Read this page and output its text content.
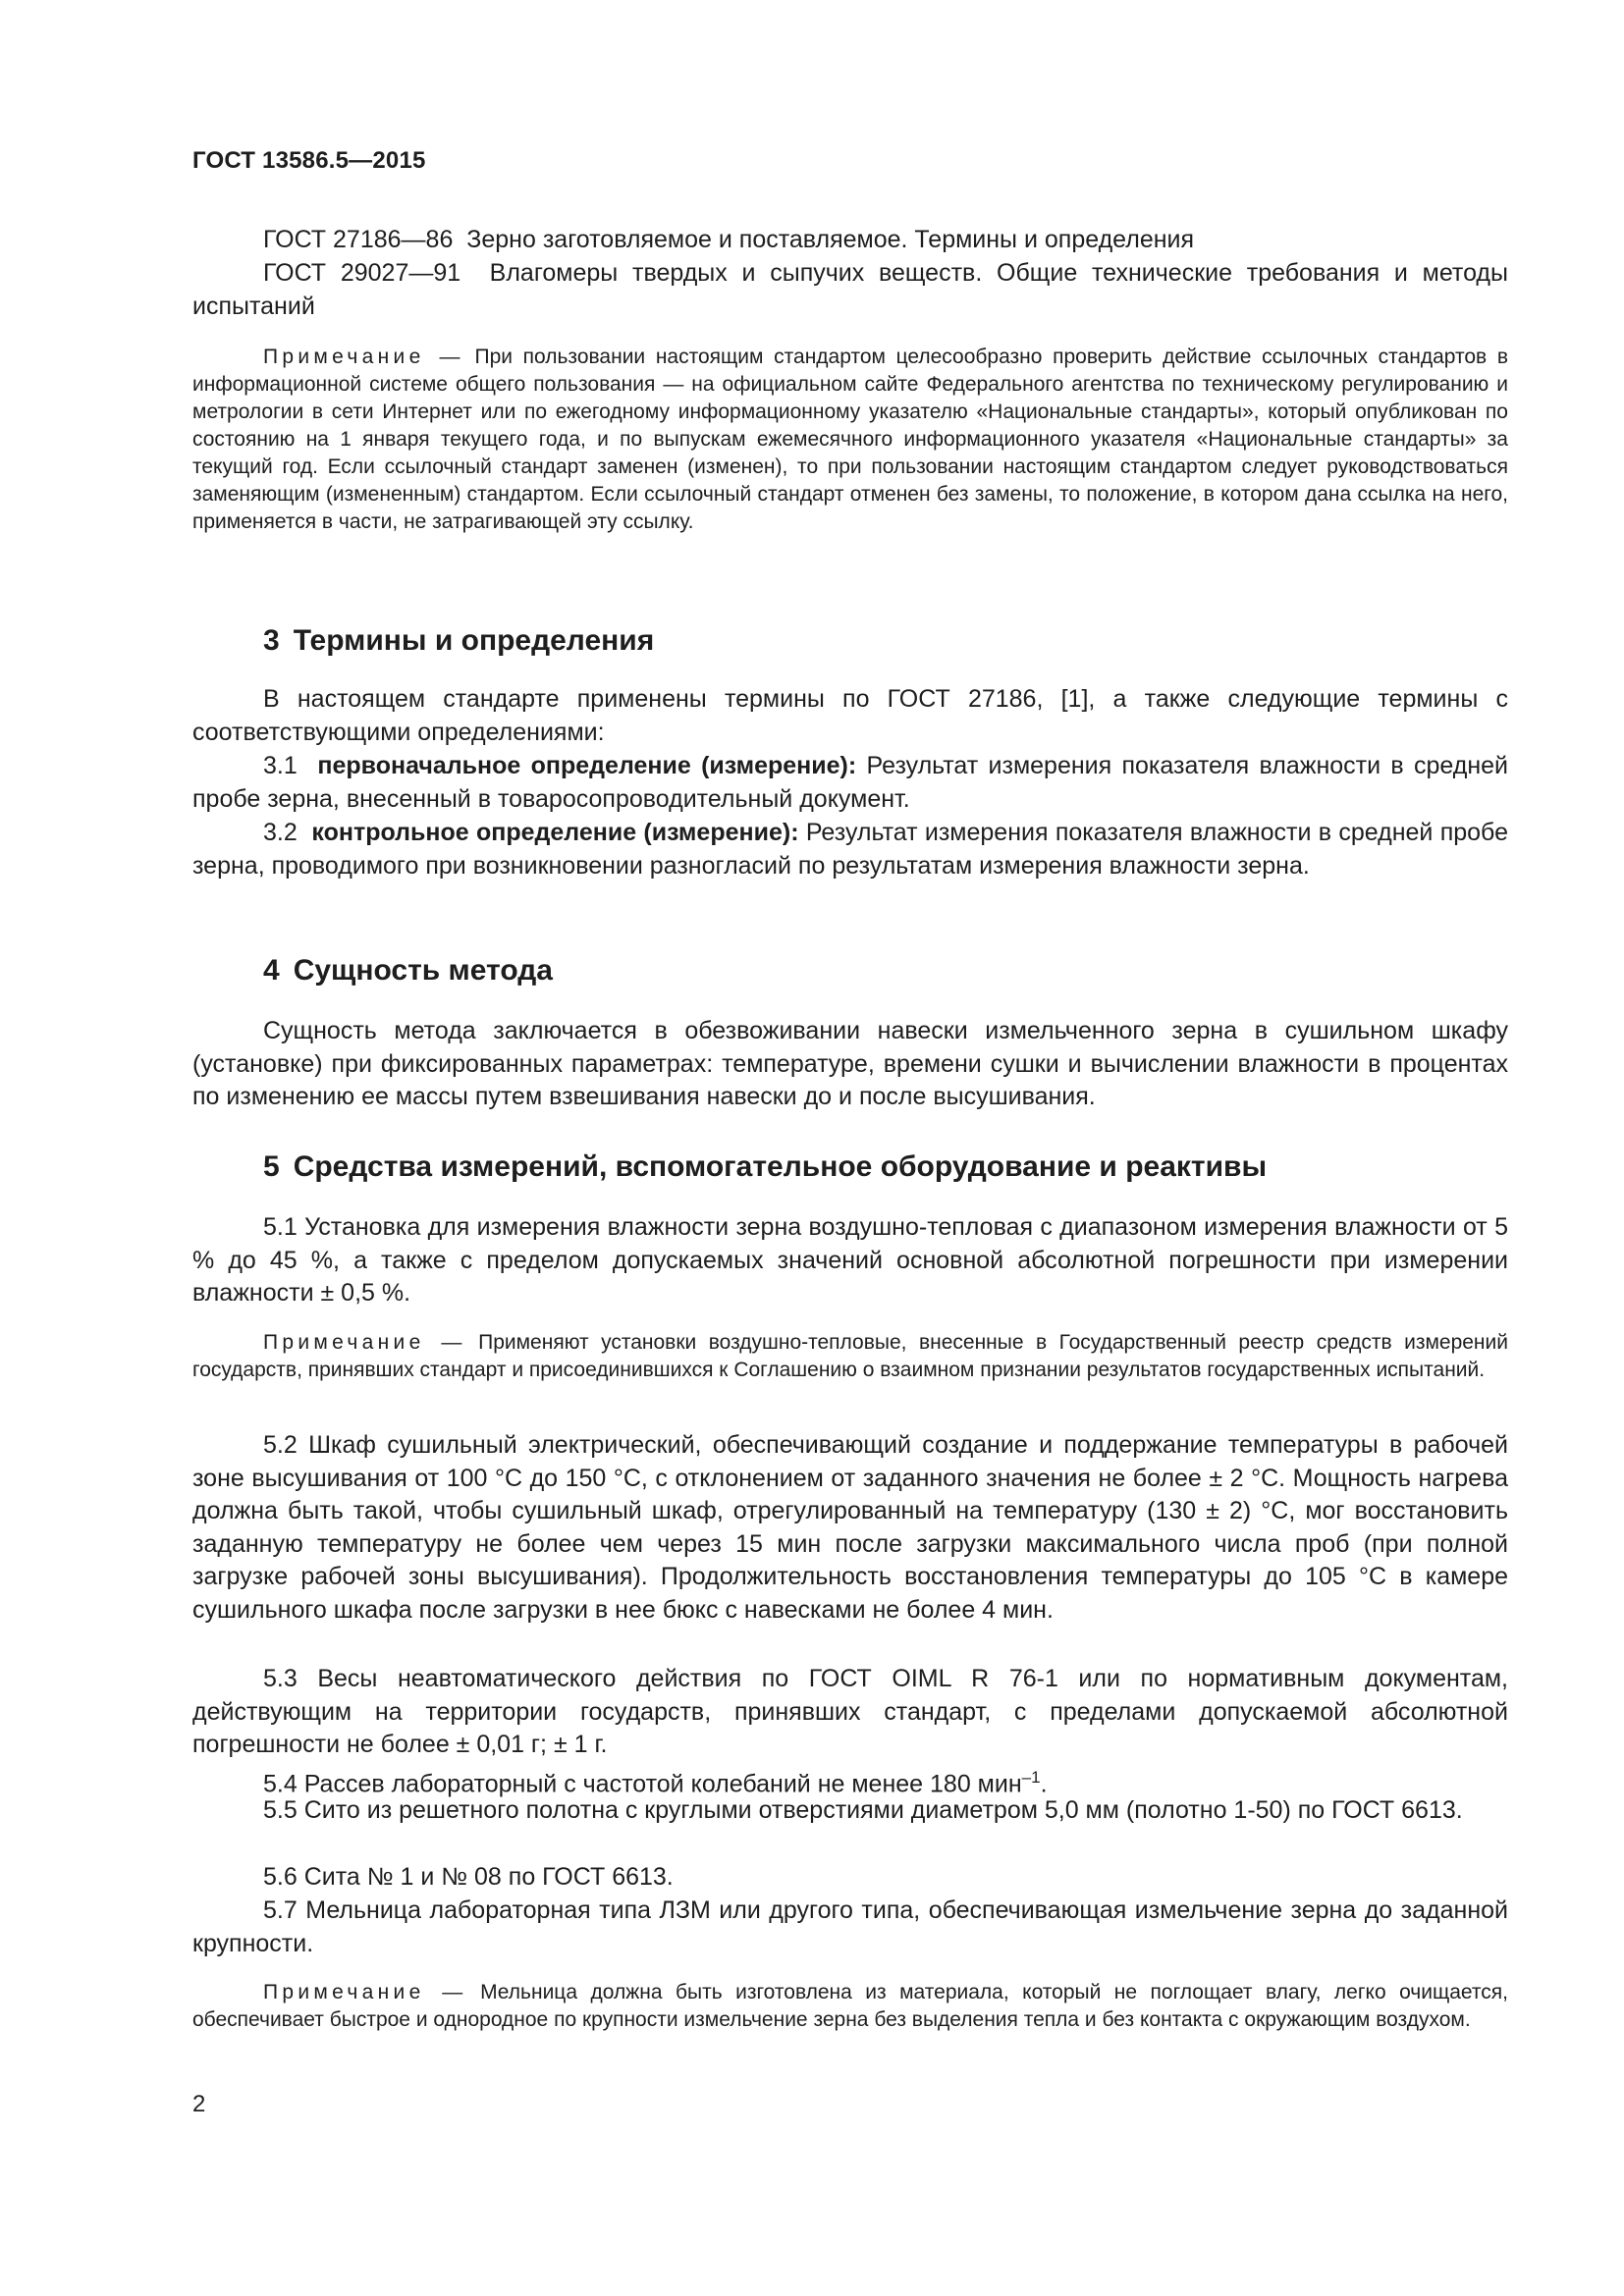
ГОСТ 13586.5—2015
ГОСТ 27186—86 Зерно заготовляемое и поставляемое. Термины и определения
ГОСТ 29027—91 Влагомеры твердых и сыпучих веществ. Общие технические требования и методы испытаний
Примечание — При пользовании настоящим стандартом целесообразно проверить действие ссылочных стандартов в информационной системе общего пользования — на официальном сайте Федерального агентства по техническому регулированию и метрологии в сети Интернет или по ежегодному информационному указателю «Национальные стандарты», который опубликован по состоянию на 1 января текущего года, и по выпускам ежемесячного информационного указателя «Национальные стандарты» за текущий год. Если ссылочный стандарт заменен (изменен), то при пользовании настоящим стандартом следует руководствоваться заменяющим (измененным) стандартом. Если ссылочный стандарт отменен без замены, то положение, в котором дана ссылка на него, применяется в части, не затрагивающей эту ссылку.
3 Термины и определения
В настоящем стандарте применены термины по ГОСТ 27186, [1], а также следующие термины с соответствующими определениями:
3.1 первоначальное определение (измерение): Результат измерения показателя влажности в средней пробе зерна, внесенный в товаросопроводительный документ.
3.2 контрольное определение (измерение): Результат измерения показателя влажности в средней пробе зерна, проводимого при возникновении разногласий по результатам измерения влажности зерна.
4 Сущность метода
Сущность метода заключается в обезвоживании навески измельченного зерна в сушильном шкафу (установке) при фиксированных параметрах: температуре, времени сушки и вычислении влажности в процентах по изменению ее массы путем взвешивания навески до и после высушивания.
5 Средства измерений, вспомогательное оборудование и реактивы
5.1 Установка для измерения влажности зерна воздушно-тепловая с диапазоном измерения влажности от 5 % до 45 %, а также с пределом допускаемых значений основной абсолютной погрешности при измерении влажности ± 0,5 %.
Примечание — Применяют установки воздушно-тепловые, внесенные в Государственный реестр средств измерений государств, принявших стандарт и присоединившихся к Соглашению о взаимном признании результатов государственных испытаний.
5.2 Шкаф сушильный электрический, обеспечивающий создание и поддержание температуры в рабочей зоне высушивания от 100 °С до 150 °С, с отклонением от заданного значения не более ± 2 °С. Мощность нагрева должна быть такой, чтобы сушильный шкаф, отрегулированный на температуру (130 ± 2) °С, мог восстановить заданную температуру не более чем через 15 мин после загрузки максимального числа проб (при полной загрузке рабочей зоны высушивания). Продолжительность восстановления температуры до 105 °С в камере сушильного шкафа после загрузки в нее бюкс с навесками не более 4 мин.
5.3 Весы неавтоматического действия по ГОСТ OIML R 76-1 или по нормативным документам, действующим на территории государств, принявших стандарт, с пределами допускаемой абсолютной погрешности не более ± 0,01 г; ± 1 г.
5.4 Рассев лабораторный с частотой колебаний не менее 180 мин$^{-1}$.
5.5 Сито из решетного полотна с круглыми отверстиями диаметром 5,0 мм (полотно 1-50) по ГОСТ 6613.
5.6 Сита № 1 и № 08 по ГОСТ 6613.
5.7 Мельница лабораторная типа ЛЗМ или другого типа, обеспечивающая измельчение зерна до заданной крупности.
Примечание — Мельница должна быть изготовлена из материала, который не поглощает влагу, легко очищается, обеспечивает быстрое и однородное по крупности измельчение зерна без выделения тепла и без контакта с окружающим воздухом.
2
